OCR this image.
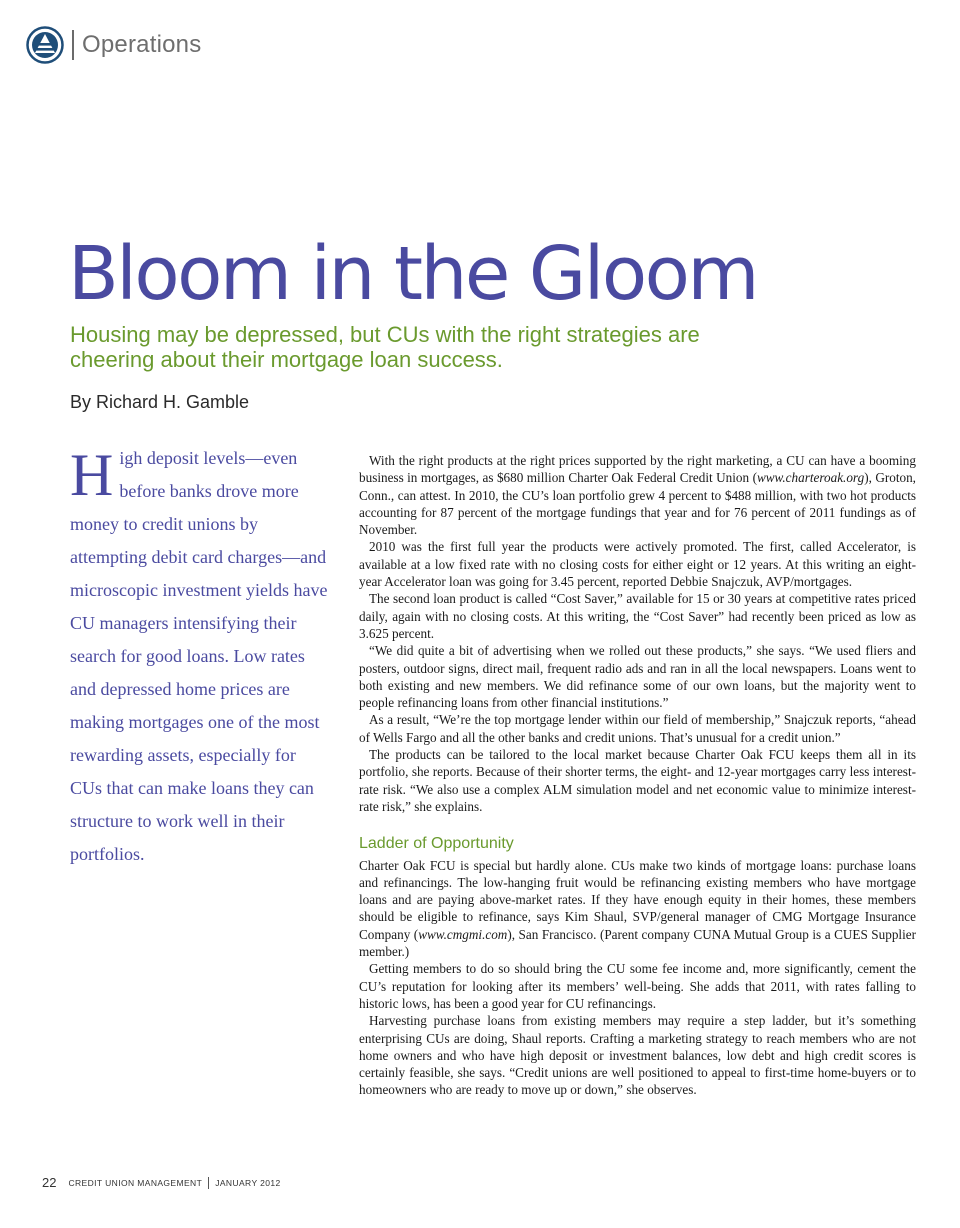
Operations
Bloom in the Gloom
Housing may be depressed, but CUs with the right strategies are cheering about their mortgage loan success.

By Richard H. Gamble

High deposit levels—even before banks drove more money to credit unions by attempting debit card charges—and microscopic investment yields have CU managers intensifying their search for good loans. Low rates and depressed home prices are making mortgages one of the most rewarding assets, especially for CUs that can make loans they can structure to work well in their portfolios.

With the right products at the right prices supported by the right marketing, a CU can have a booming business in mortgages, as $680 million Charter Oak Federal Credit Union (www.charteroak.org), Groton, Conn., can attest. In 2010, the CU’s loan portfolio grew 4 percent to $488 million, with two hot products accounting for 87 percent of the mortgage fundings that year and for 76 percent of 2011 fundings as of November.

2010 was the first full year the products were actively promoted. The first, called Accelerator, is available at a low fixed rate with no closing costs for either eight or 12 years. At this writing an eight-year Accelerator loan was going for 3.45 percent, reported Debbie Snajczuk, AVP/mortgages.

The second loan product is called “Cost Saver,” available for 15 or 30 years at competitive rates priced daily, again with no closing costs. At this writing, the “Cost Saver” had recently been priced as low as 3.625 percent.

“We did quite a bit of advertising when we rolled out these products,” she says. “We used fliers and posters, outdoor signs, direct mail, frequent radio ads and ran in all the local newspapers. Loans went to both existing and new members. We did refinance some of our own loans, but the majority went to people refinancing loans from other financial institutions.”

As a result, “We’re the top mortgage lender within our field of membership,” Snajczuk reports, “ahead of Wells Fargo and all the other banks and credit unions. That’s unusual for a credit union.”

The products can be tailored to the local market because Charter Oak FCU keeps them all in its portfolio, she reports. Because of their shorter terms, the eight- and 12-year mortgages carry less interest-rate risk. “We also use a complex ALM simulation model and net economic value to minimize interest-rate risk,” she explains.

Ladder of Opportunity

Charter Oak FCU is special but hardly alone. CUs make two kinds of mortgage loans: purchase loans and refinancings. The low-hanging fruit would be refinancing existing members who have mortgage loans and are paying above-market rates. If they have enough equity in their homes, these members should be eligible to refinance, says Kim Shaul, SVP/general manager of CMG Mortgage Insurance Company (www.cmgmi.com), San Francisco. (Parent company CUNA Mutual Group is a CUES Supplier member.)

Getting members to do so should bring the CU some fee income and, more significantly, cement the CU’s reputation for looking after its members’ well-being. She adds that 2011, with rates falling to historic lows, has been a good year for CU refinancings.

Harvesting purchase loans from existing members may require a step ladder, but it’s something enterprising CUs are doing, Shaul reports. Crafting a marketing strategy to reach members who are not home owners and who have high deposit or investment balances, low debt and high credit scores is certainly feasible, she says. “Credit unions are well positioned to appeal to first-time home-buyers or to homeowners who are ready to move up or down,” she observes.

22 CREDIT UNION MANAGEMENT JANUARY 2012
